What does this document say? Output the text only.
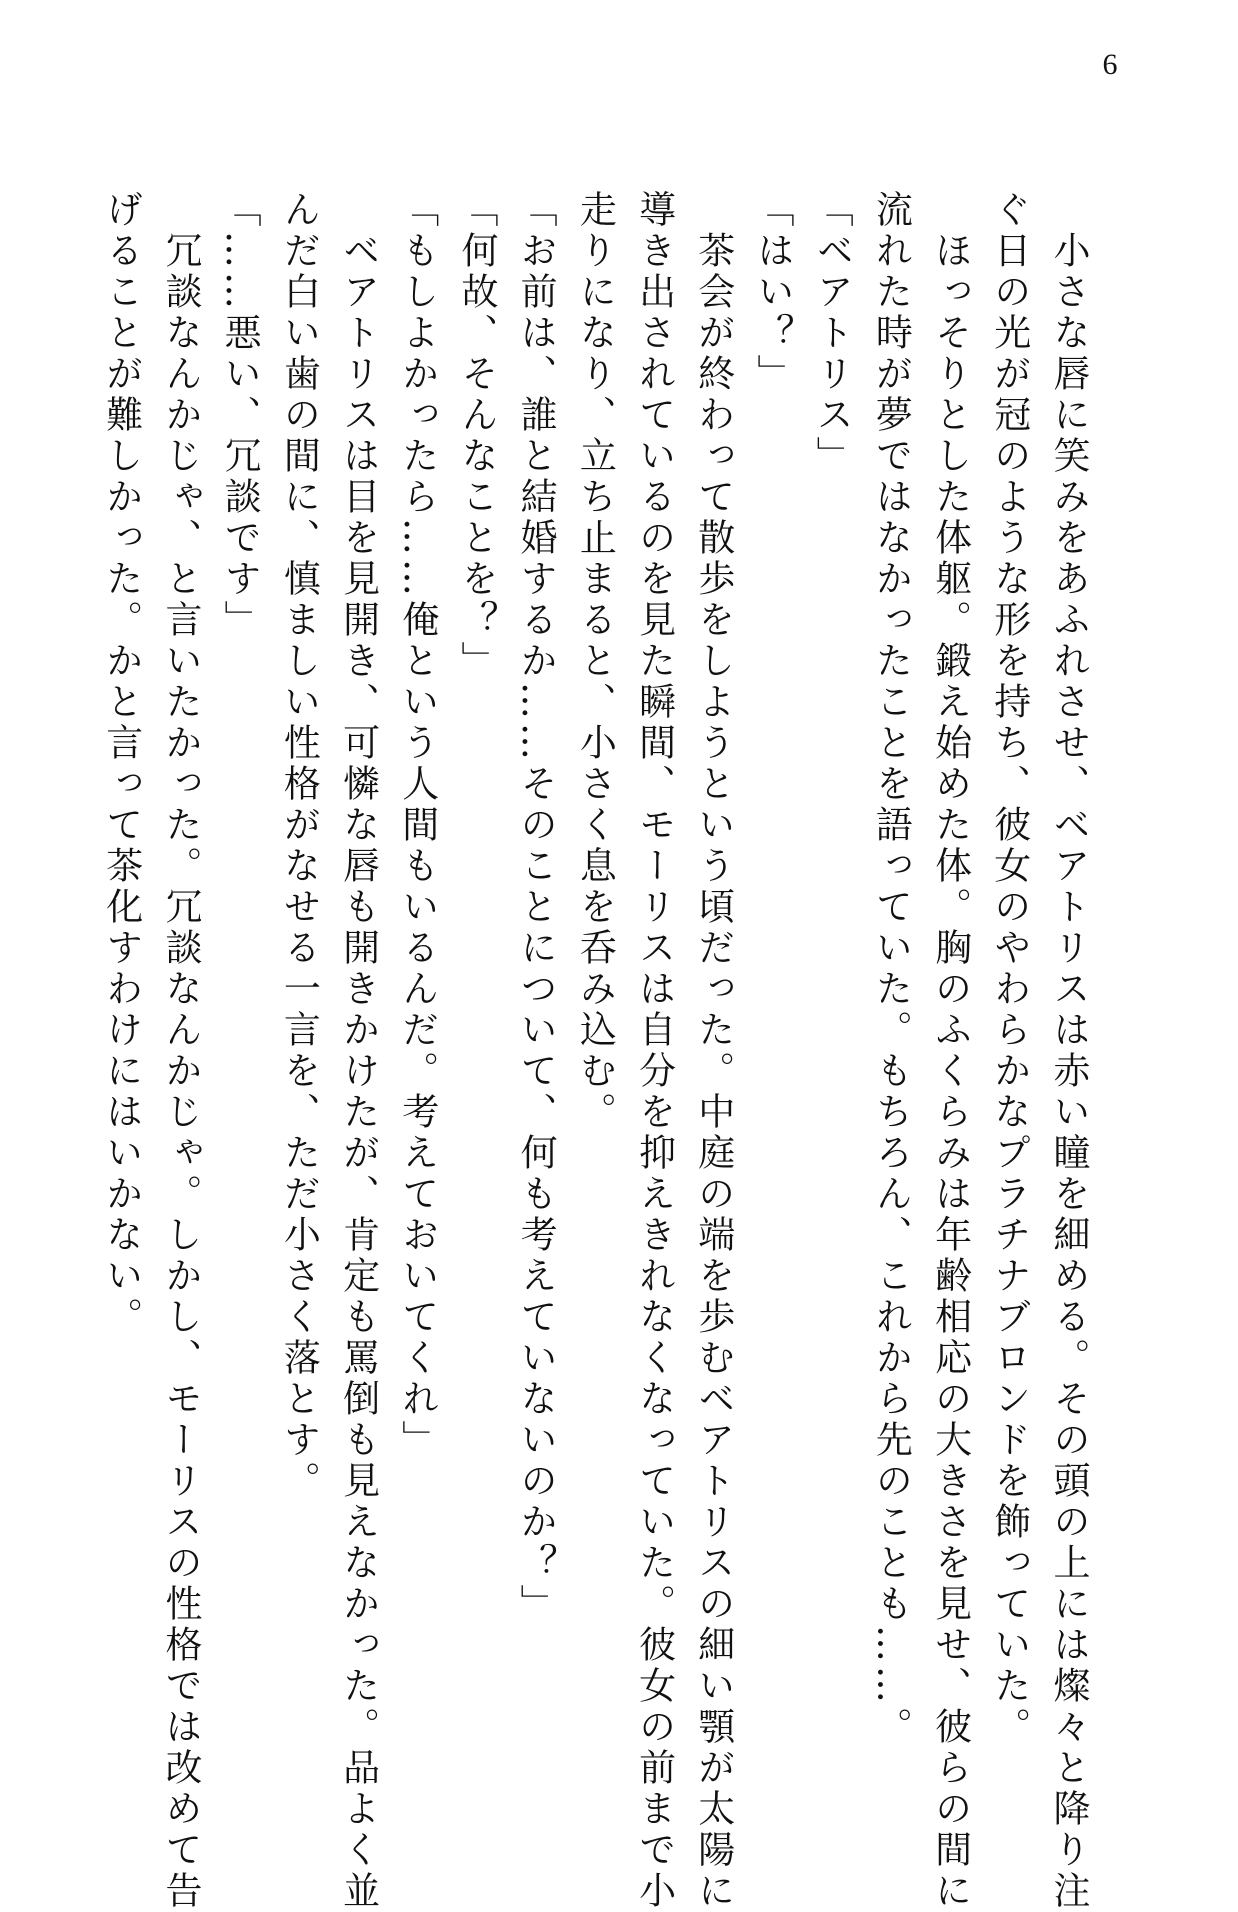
6

　小さな唇に笑みをあふれさせ、ベアトリスは赤い瞳を細める。その頭の上には燦々と降り注
ぐ日の光が冠のような形を持ち、彼女のやわらかなプラチナブロンドを飾っていた。

　ほっそりとした体躯。鍛え始めた体。胸のふくらみは年齢相応の大きさを見せ、彼らの間に
流れた時が夢ではなかったことを語っていた。もちろん、これから先のことも……。

「ベアトリス」

「はい？」

　茶会が終わって散歩をしようという頃だった。中庭の端を歩むベアトリスの細い顎が太陽に
導き出されているのを見た瞬間、モーリスは自分を抑えきれなくなっていた。彼女の前まで小
走りになり、立ち止まると、小さく息を呑み込む。

「お前は、誰と結婚するか……そのことについて、何も考えていないのか？」

「何故、そんなことを？」

「もしよかったら……俺という人間もいるんだ。考えておいてくれ」

　ベアトリスは目を見開き、可憐な唇も開きかけたが、肯定も罵倒も見えなかった。品よく並
んだ白い歯の間に、慎ましい性格がなせる一言を、ただ小さく落とす。

「……悪い、冗談です」

　冗談なんかじゃ、と言いたかった。冗談なんかじゃ。しかし、モーリスの性格では改めて告
げることが難しかった。かと言って茶化すわけにはいかない。
